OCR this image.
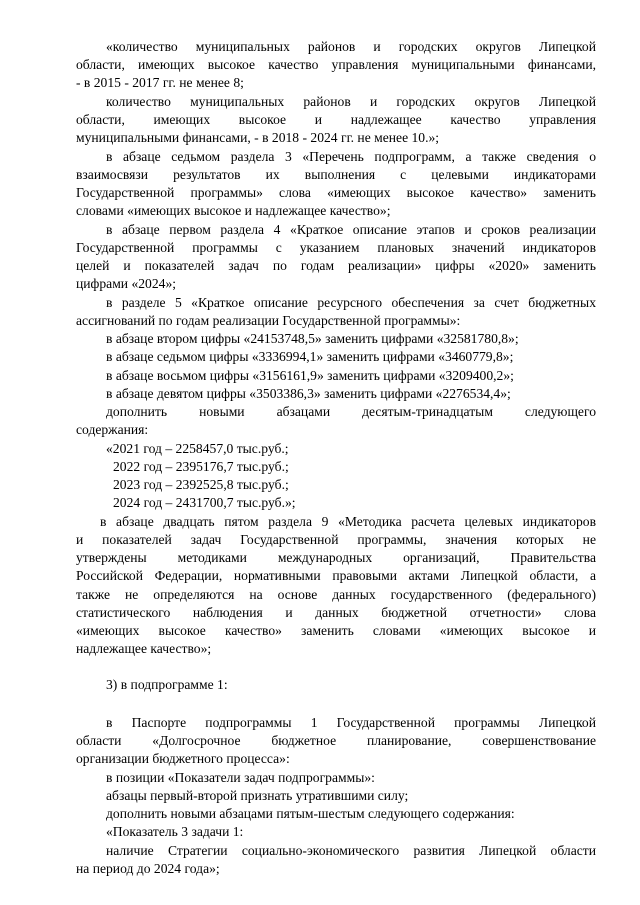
«количество муниципальных районов и городских округов Липецкой
области, имеющих высокое качество управления муниципальными финансами,
- в 2015 - 2017 гг. не менее 8;
количество муниципальных районов и городских округов Липецкой
области, имеющих высокое и надлежащее качество управления
муниципальными финансами, - в 2018 - 2024 гг. не менее 10.»;
в абзаце седьмом раздела 3 «Перечень подпрограмм, а также сведения о
взаимосвязи результатов их выполнения с целевыми индикаторами
Государственной программы» слова «имеющих высокое качество» заменить
словами «имеющих высокое и надлежащее качество»;
в абзаце первом раздела 4 «Краткое описание этапов и сроков реализации
Государственной программы с указанием плановых значений индикаторов
целей и показателей задач по годам реализации» цифры «2020» заменить
цифрами «2024»;
в разделе 5 «Краткое описание ресурсного обеспечения за счет бюджетных
ассигнований по годам реализации Государственной программы»:
в абзаце втором цифры «24153748,5» заменить цифрами «32581780,8»;
в абзаце седьмом цифры «3336994,1» заменить цифрами «3460779,8»;
в абзаце восьмом цифры «3156161,9» заменить цифрами «3209400,2»;
в абзаце девятом цифры «3503386,3» заменить цифрами «2276534,4»;
дополнить новыми абзацами десятым-тринадцатым следующего
содержания:
«2021 год – 2258457,0 тыс.руб.;
2022 год – 2395176,7 тыс.руб.;
2023 год – 2392525,8 тыс.руб.;
2024 год – 2431700,7 тыс.руб.»;
в абзаце двадцать пятом раздела 9 «Методика расчета целевых индикаторов
и показателей задач Государственной программы, значения которых не
утверждены методиками международных организаций, Правительства
Российской Федерации, нормативными правовыми актами Липецкой области, а
также не определяются на основе данных государственного (федерального)
статистического наблюдения и данных бюджетной отчетности» слова
«имеющих высокое качество» заменить словами «имеющих высокое и
надлежащее качество»;
3) в подпрограмме 1:
в Паспорте подпрограммы 1 Государственной программы Липецкой
области «Долгосрочное бюджетное планирование, совершенствование
организации бюджетного процесса»:
в позиции «Показатели задач подпрограммы»:
абзацы первый-второй признать утратившими силу;
дополнить новыми абзацами пятым-шестым следующего содержания:
«Показатель 3 задачи 1:
наличие Стратегии социально-экономического развития Липецкой области
на период до 2024 года»;
